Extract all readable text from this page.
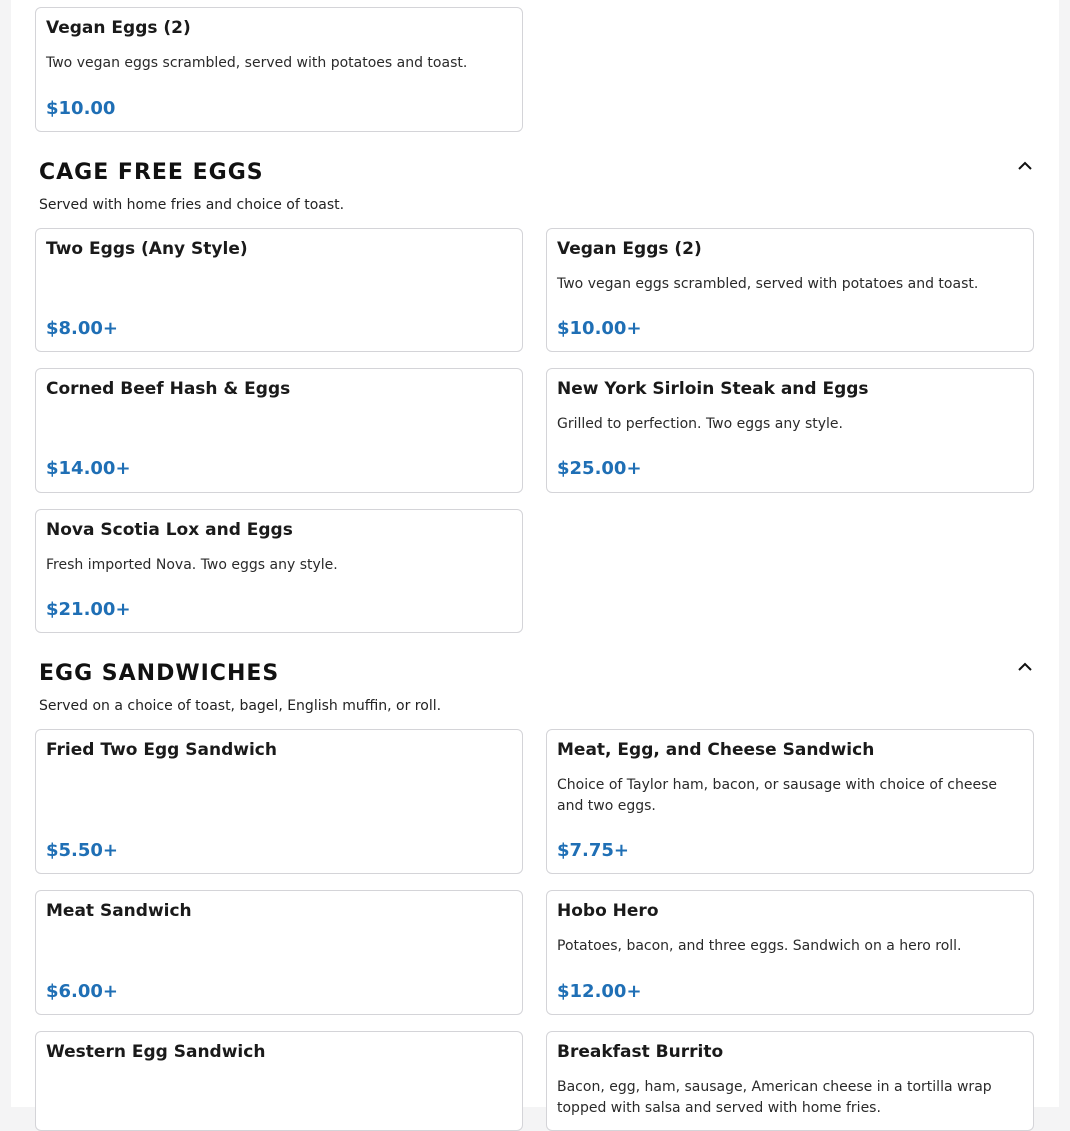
Vegan Eggs (2)
Two vegan eggs scrambled, served with potatoes and toast.
$10.00
CAGE FREE EGGS
Served with home fries and choice of toast.
Two Eggs (Any Style)
$8.00+
Vegan Eggs (2)
Two vegan eggs scrambled, served with potatoes and toast.
$10.00+
Corned Beef Hash & Eggs
$14.00+
New York Sirloin Steak and Eggs
Grilled to perfection. Two eggs any style.
$25.00+
Nova Scotia Lox and Eggs
Fresh imported Nova. Two eggs any style.
$21.00+
EGG SANDWICHES
Served on a choice of toast, bagel, English muffin, or roll.
Fried Two Egg Sandwich
$5.50+
Meat, Egg, and Cheese Sandwich
Choice of Taylor ham, bacon, or sausage with choice of cheese and two eggs.
$7.75+
Meat Sandwich
$6.00+
Hobo Hero
Potatoes, bacon, and three eggs. Sandwich on a hero roll.
$12.00+
Western Egg Sandwich	Breakfast Burrito
Bacon, egg, ham, sausage, American cheese in a tortilla wrap topped with salsa and served with home fries.
